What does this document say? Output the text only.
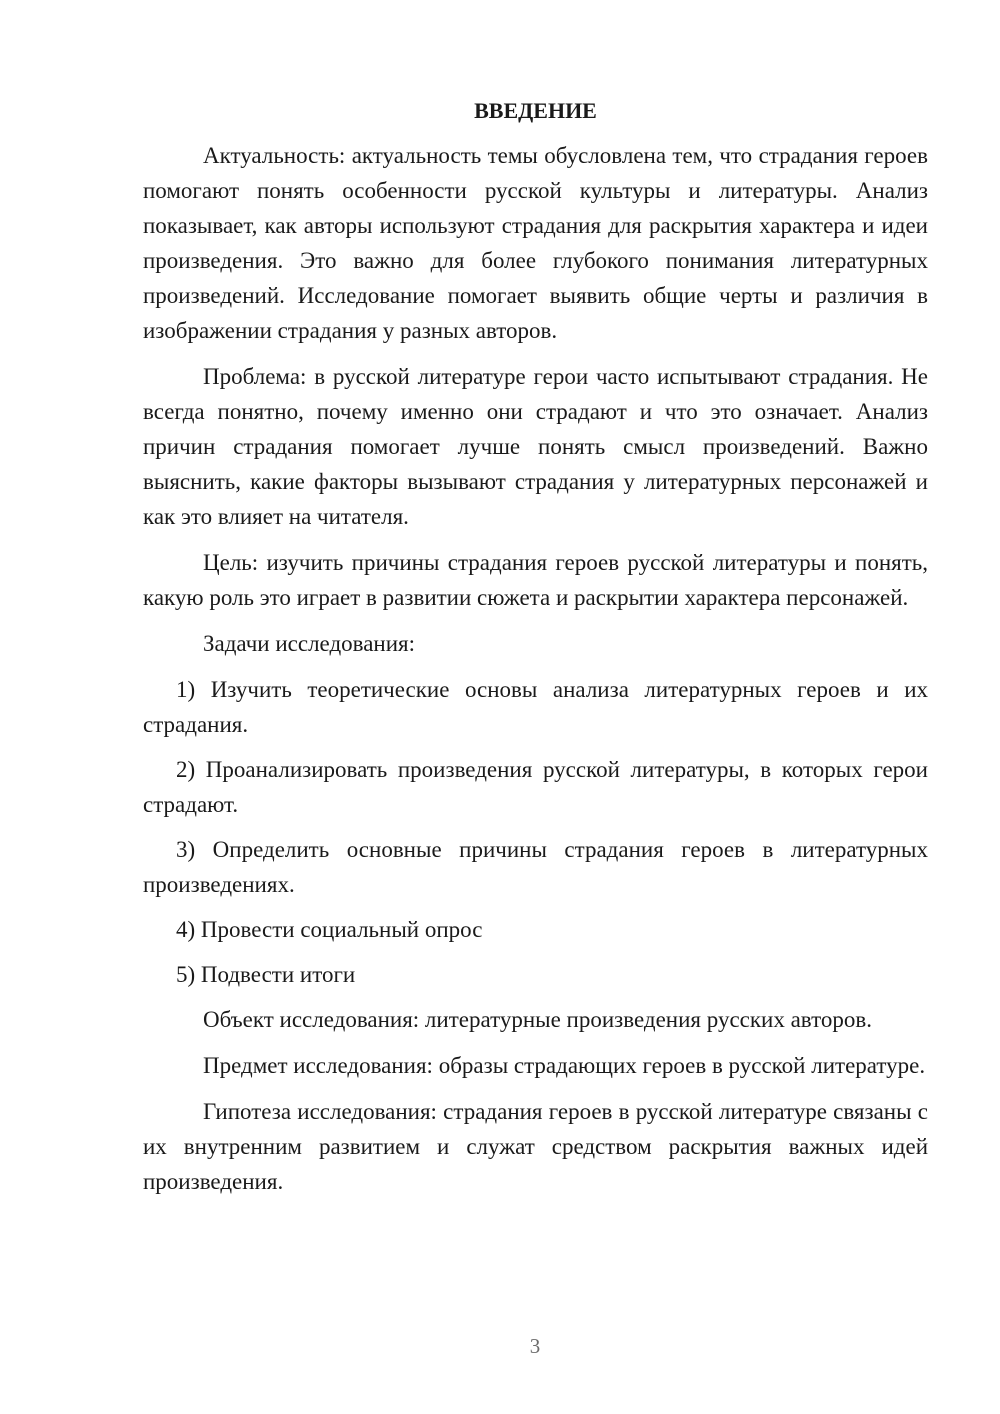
ВВЕДЕНИЕ

Актуальность: актуальность темы обусловлена тем, что страдания героев помогают понять особенности русской культуры и литературы. Анализ показывает, как авторы используют страдания для раскрытия характера и идеи произведения. Это важно для более глубокого понимания литературных произведений. Исследование помогает выявить общие черты и различия в изображении страдания у разных авторов.

Проблема: в русской литературе герои часто испытывают страдания. Не всегда понятно, почему именно они страдают и что это означает. Анализ причин страдания помогает лучше понять смысл произведений. Важно выяснить, какие факторы вызывают страдания у литературных персонажей и как это влияет на читателя.

Цель: изучить причины страдания героев русской литературы и понять, какую роль это играет в развитии сюжета и раскрытии характера персонажей.

Задачи исследования:

1) Изучить теоретические основы анализа литературных героев и их страдания.

2) Проанализировать произведения русской литературы, в которых герои страдают.

3) Определить основные причины страдания героев в литературных произведениях.

4) Провести социальный опрос

5) Подвести итоги

Объект исследования: литературные произведения русских авторов.

Предмет исследования: образы страдающих героев в русской литературе.

Гипотеза исследования: страдания героев в русской литературе связаны с их внутренним развитием и служат средством раскрытия важных идей произведения.

3
